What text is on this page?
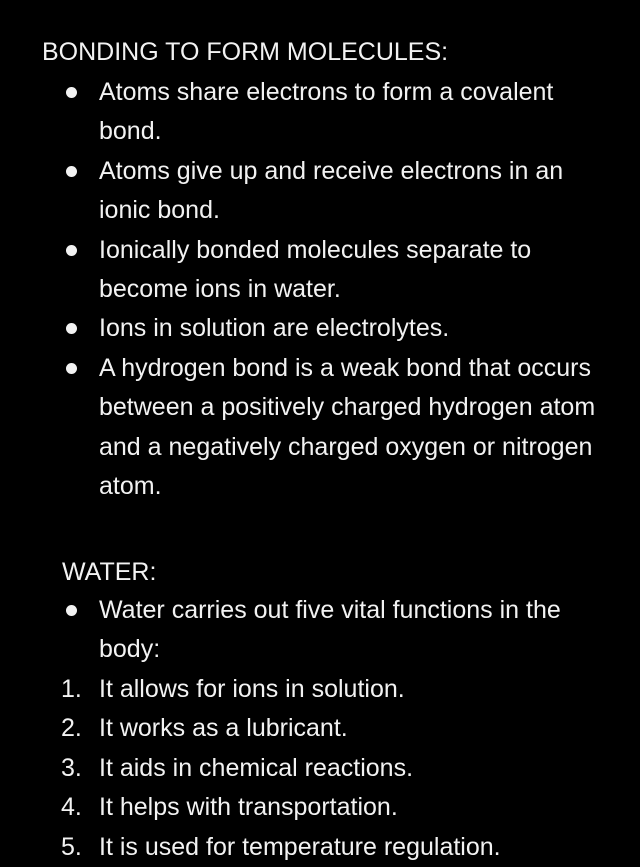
BONDING TO FORM MOLECULES:
Atoms share electrons to form a covalent bond.
Atoms give up and receive electrons in an ionic bond.
Ionically bonded molecules separate to become ions in water.
Ions in solution are electrolytes.
A hydrogen bond is a weak bond that occurs between a positively charged hydrogen atom and a negatively charged oxygen or nitrogen atom.
WATER:
Water carries out five vital functions in the body:
1. It allows for ions in solution.
2. It works as a lubricant.
3. It aids in chemical reactions.
4. It helps with transportation.
5. It is used for temperature regulation.
